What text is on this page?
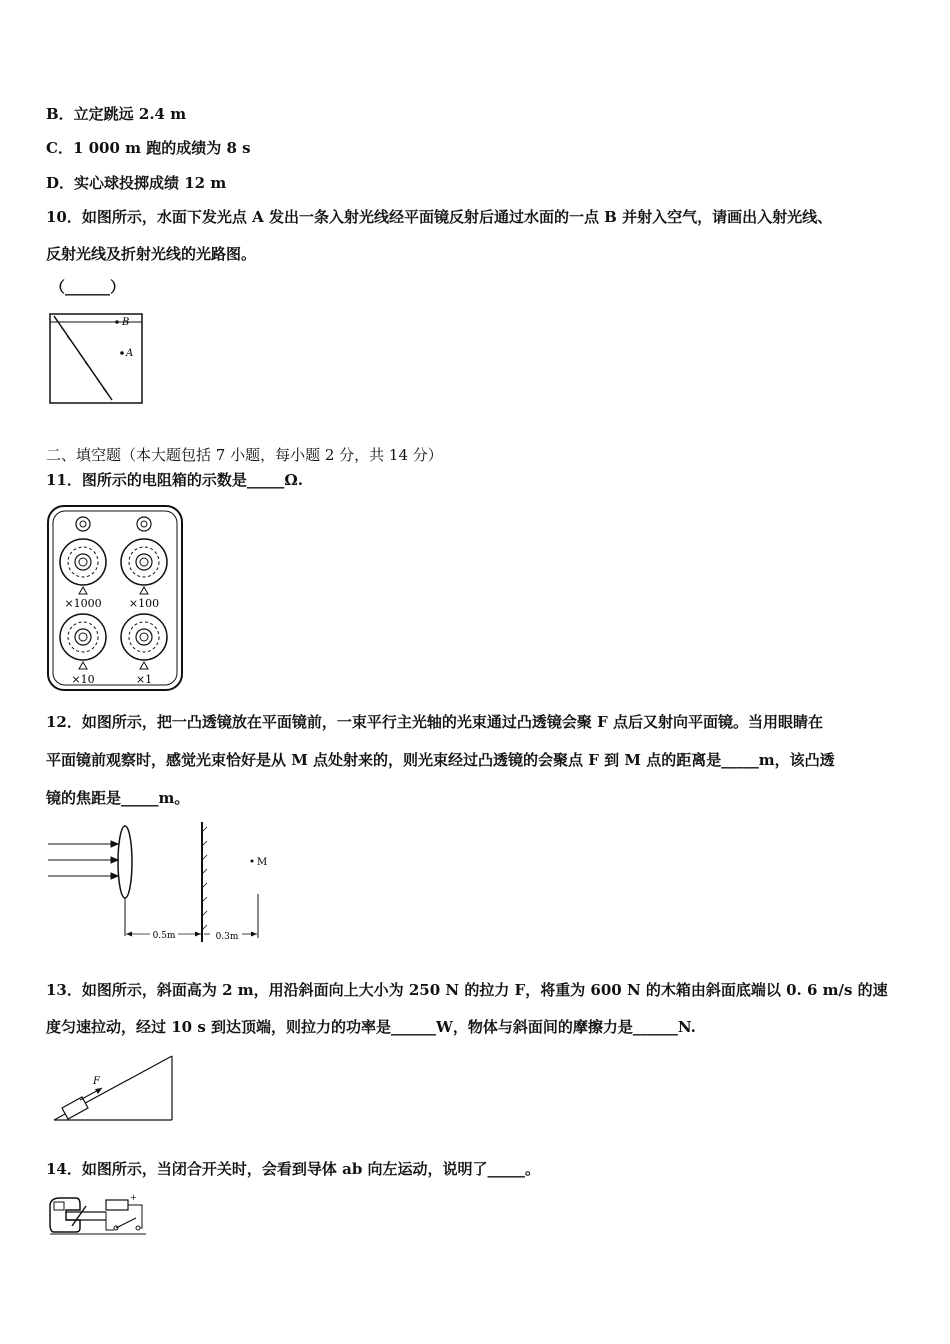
B．立定跳远 2.4 m
C．1 000 m 跑的成绩为 8 s
D．实心球投掷成绩 12 m
10．如图所示，水面下发光点 A 发出一条入射光线经平面镜反射后通过水面的一点 B 并射入空气，请画出入射光线、
反射光线及折射光线的光路图。
（______）
B
A
二、填空题（本大题包括 7 小题，每小题 2 分，共 14 分）
11．图所示的电阻箱的示数是_____Ω.
×1000 ×100
×10	×1
12．如图所示，把一凸透镜放在平面镜前，一束平行主光轴的光束通过凸透镜会聚 F 点后又射向平面镜。当用眼睛在
平面镜前观察时，感觉光束恰好是从 M 点处射来的，则光束经过凸透镜的会聚点 F 到 M 点的距离是_____m，该凸透
镜的焦距是_____m。
M
0.5m	0.3m
13．如图所示，斜面高为 2 m，用沿斜面向上大小为 250 N 的拉力 F，将重为 600 N 的木箱由斜面底端以 0. 6 m/s 的速
度匀速拉动，经过 10 s 到达顶端，则拉力的功率是______W，物体与斜面间的摩擦力是______N.
F
14．如图所示，当闭合开关时，会看到导体 ab 向左运动，说明了_____。
+
